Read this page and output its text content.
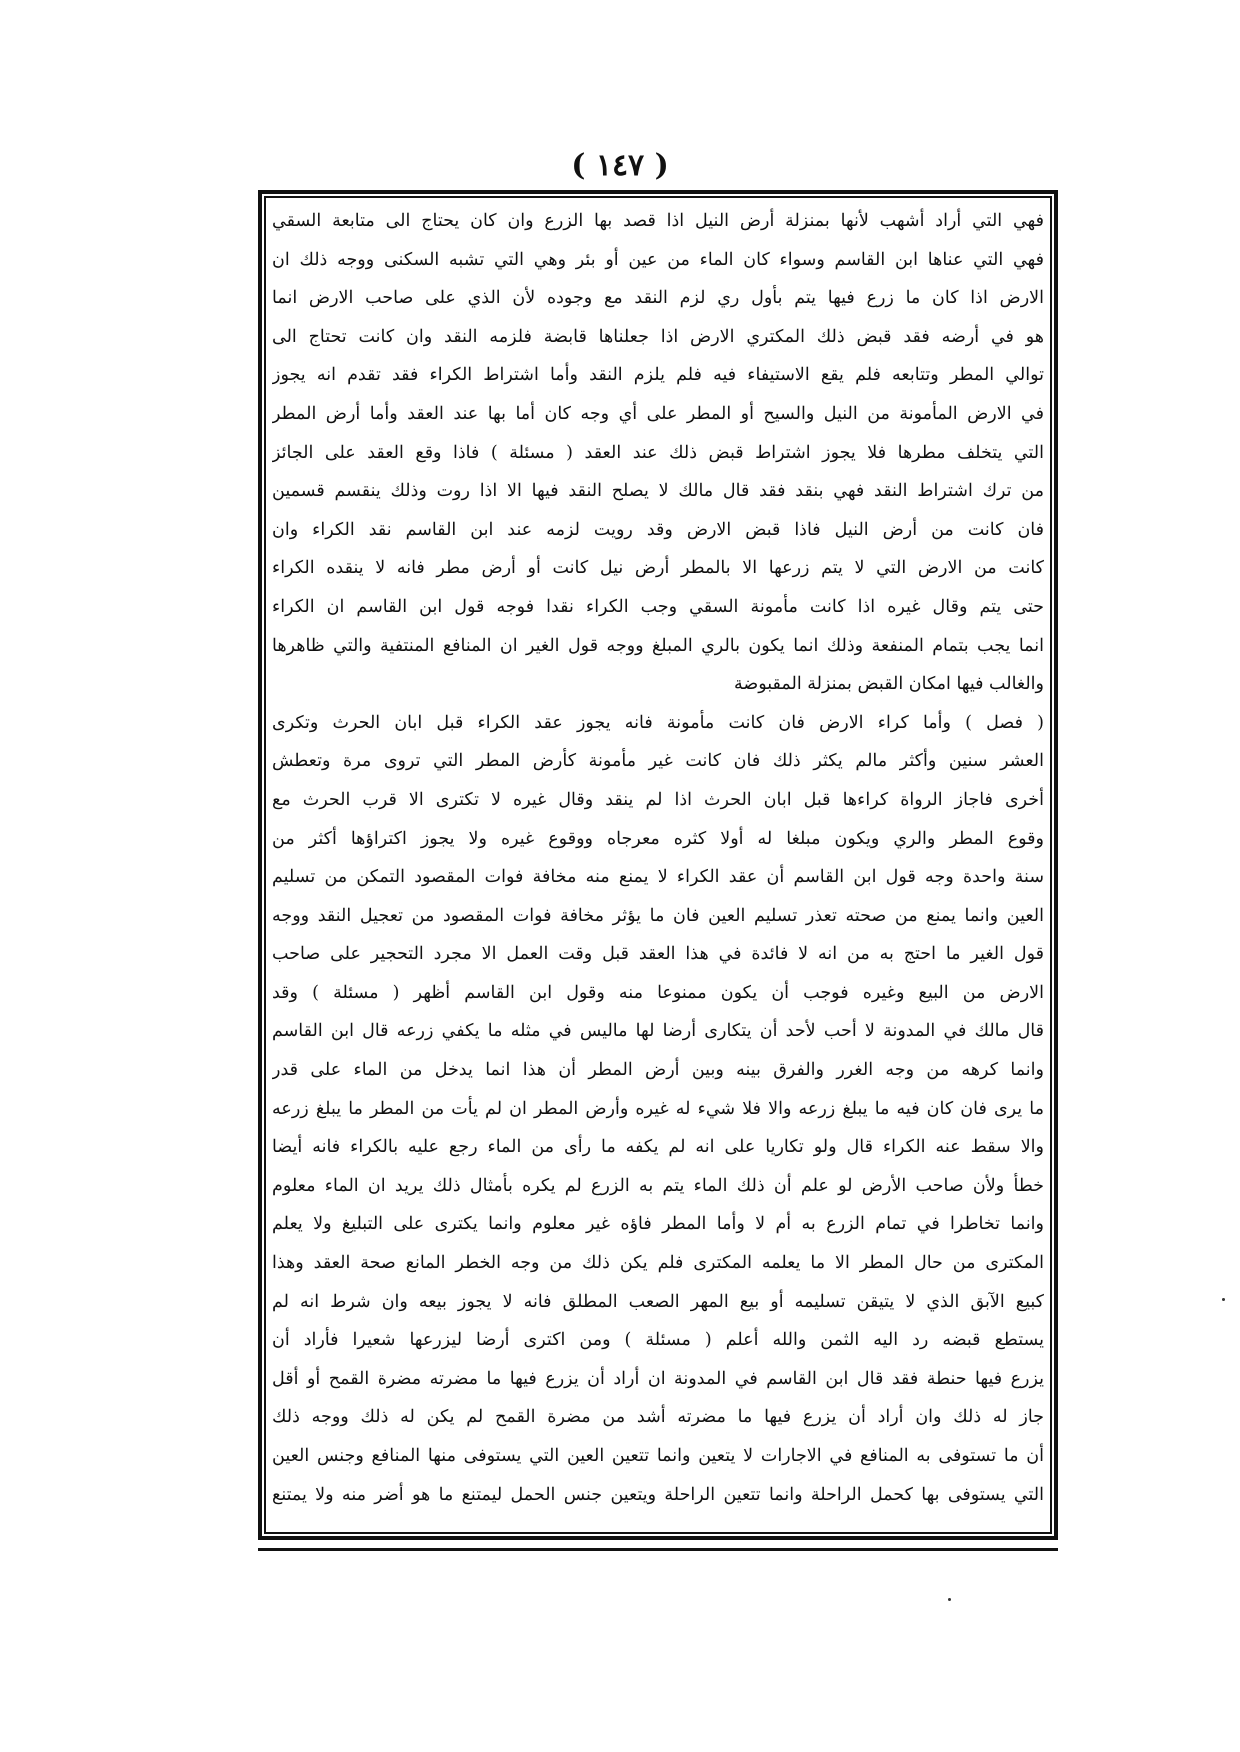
( ١٤٧ )
فهي التي أراد أشهب لأنها بمنزلة أرض النيل اذا قصد بها الزرع وان كان يحتاج الى متابعة السقي
فهي التي عناها ابن القاسم وسواء كان الماء من عين أو بئر وهي التي تشبه السكنى ووجه ذلك ان
الارض اذا كان ما زرع فيها يتم بأول ري لزم النقد مع وجوده لأن الذي على صاحب الارض انما
هو في أرضه فقد قبض ذلك المكتري الارض اذا جعلناها قابضة فلزمه النقد وان كانت تحتاج الى
توالي المطر وتتابعه فلم يقع الاستيفاء فيه فلم يلزم النقد وأما اشتراط الكراء فقد تقدم انه يجوز
في الارض المأمونة من النيل والسيح أو المطر على أي وجه كان أما بها عند العقد وأما أرض المطر
التي يتخلف مطرها فلا يجوز اشتراط قبض ذلك عند العقد ( مسئلة ) فاذا وقع العقد على الجائز
من ترك اشتراط النقد فهي بنقد فقد قال مالك لا يصلح النقد فيها الا اذا روت وذلك ينقسم قسمين
فان كانت من أرض النيل فاذا قبض الارض وقد رويت لزمه عند ابن القاسم نقد الكراء وان
كانت من الارض التي لا يتم زرعها الا بالمطر أرض نيل كانت أو أرض مطر فانه لا ينقده الكراء
حتى يتم وقال غيره اذا كانت مأمونة السقي وجب الكراء نقدا فوجه قول ابن القاسم ان الكراء
انما يجب بتمام المنفعة وذلك انما يكون بالري المبلغ ووجه قول الغير ان المنافع المنتفية والتي ظاهرها
والغالب فيها امكان القبض بمنزلة المقبوضة
( فصل ) وأما كراء الارض فان كانت مأمونة فانه يجوز عقد الكراء قبل ابان الحرث وتكرى
العشر سنين وأكثر مالم يكثر ذلك فان كانت غير مأمونة كأرض المطر التي تروى مرة وتعطش
أخرى فاجاز الرواة كراءها قبل ابان الحرث اذا لم ينقد وقال غيره لا تكترى الا قرب الحرث مع
وقوع المطر والري ويكون مبلغا له أولا كثره معرجاه ووقوع غيره ولا يجوز اكتراؤها أكثر من
سنة واحدة وجه قول ابن القاسم أن عقد الكراء لا يمنع منه مخافة فوات المقصود التمكن من تسليم
العين وانما يمنع من صحته تعذر تسليم العين فان ما يؤثر مخافة فوات المقصود من تعجيل النقد ووجه
قول الغير ما احتج به من انه لا فائدة في هذا العقد قبل وقت العمل الا مجرد التحجير على صاحب
الارض من البيع وغيره فوجب أن يكون ممنوعا منه وقول ابن القاسم أظهر ( مسئلة ) وقد
قال مالك في المدونة لا أحب لأحد أن يتكارى أرضا لها ماليس في مثله ما يكفي زرعه قال ابن القاسم
وانما كرهه من وجه الغرر والفرق بينه وبين أرض المطر أن هذا انما يدخل من الماء على قدر
ما يرى فان كان فيه ما يبلغ زرعه والا فلا شيء له غيره وأرض المطر ان لم يأت من المطر ما يبلغ زرعه
والا سقط عنه الكراء قال ولو تكاريا على انه لم يكفه ما رأى من الماء رجع عليه بالكراء فانه أيضا
خطأ ولأن صاحب الأرض لو علم أن ذلك الماء يتم به الزرع لم يكره بأمثال ذلك يريد ان الماء معلوم
وانما تخاطرا في تمام الزرع به أم لا وأما المطر فاؤه غير معلوم وانما يكترى على التبليغ ولا يعلم
المكترى من حال المطر الا ما يعلمه المكترى فلم يكن ذلك من وجه الخطر المانع صحة العقد وهذا
كبيع الآبق الذي لا يتيقن تسليمه أو بيع المهر الصعب المطلق فانه لا يجوز بيعه وان شرط انه لم
يستطع قبضه رد اليه الثمن والله أعلم ( مسئلة ) ومن اكترى أرضا ليزرعها شعيرا فأراد أن
يزرع فيها حنطة فقد قال ابن القاسم في المدونة ان أراد أن يزرع فيها ما مضرته مضرة القمح أو أقل
جاز له ذلك وان أراد أن يزرع فيها ما مضرته أشد من مضرة القمح لم يكن له ذلك ووجه ذلك
أن ما تستوفى به المنافع في الاجارات لا يتعين وانما تتعين العين التي يستوفى منها المنافع وجنس العين
التي يستوفى بها كحمل الراحلة وانما تتعين الراحلة ويتعين جنس الحمل ليمتنع ما هو أضر منه ولا يمتنع
